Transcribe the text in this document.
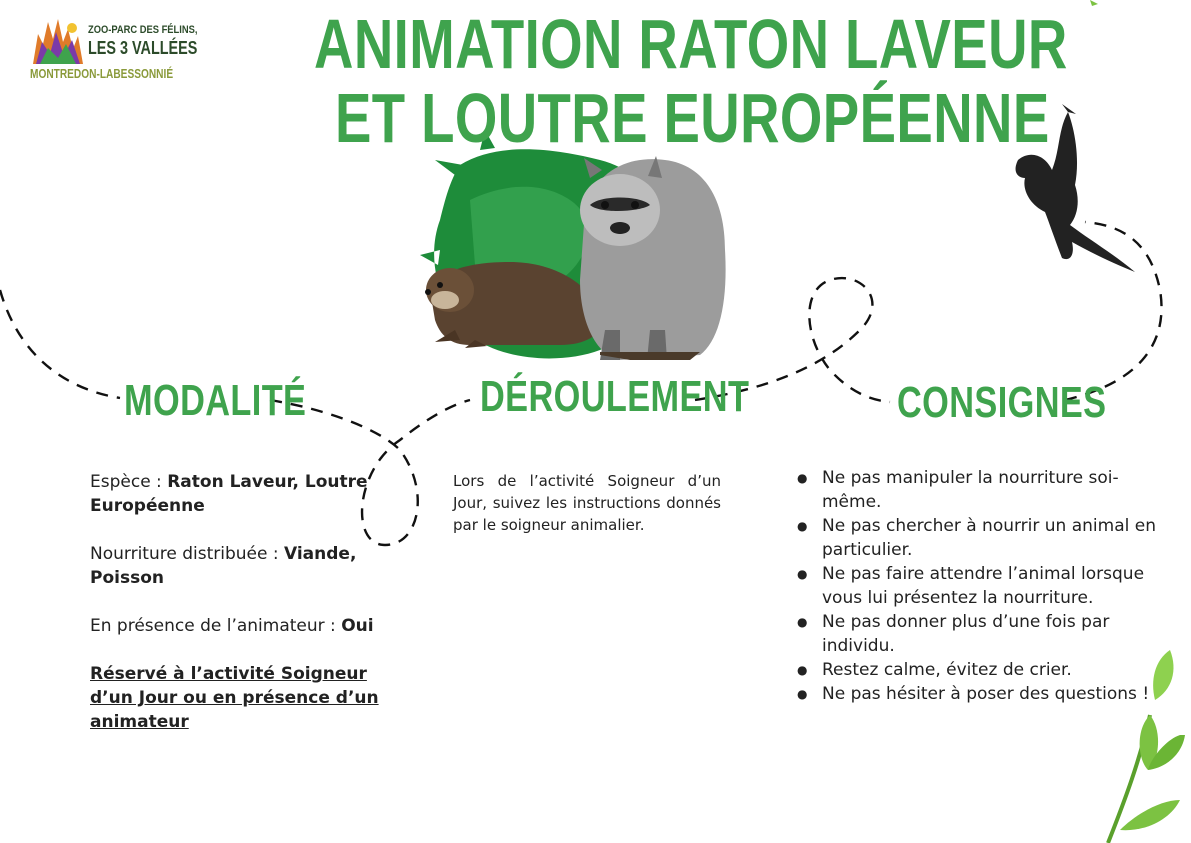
ZOO-PARC DES FÉLINS,
LES 3 VALLÉES
MONTREDON-LABESSONNIÉ ANIMATION RATON LAVEUR
ET LOUTRE EUROPÉENNE
MODALITÉ	DÉROULEMENT	CONSIGNES

Espèce : Raton Laveur, Loutre Européenne

Nourriture distribuée : Viande, Poisson

En présence de l’animateur : Oui

Réservé à l’activité Soigneur d’un Jour ou en présence d’un animateur

Lors de l’activité Soigneur d’un Jour, suivez les instructions donnés par le soigneur animalier.
● Ne pas manipuler la nourriture soi-même.
● Ne pas chercher à nourrir un animal en particulier.
● Ne pas faire attendre l’animal lorsque vous lui présentez la nourriture.
● Ne pas donner plus d’une fois par individu.
● Restez calme, évitez de crier.
● Ne pas hésiter à poser des questions !
